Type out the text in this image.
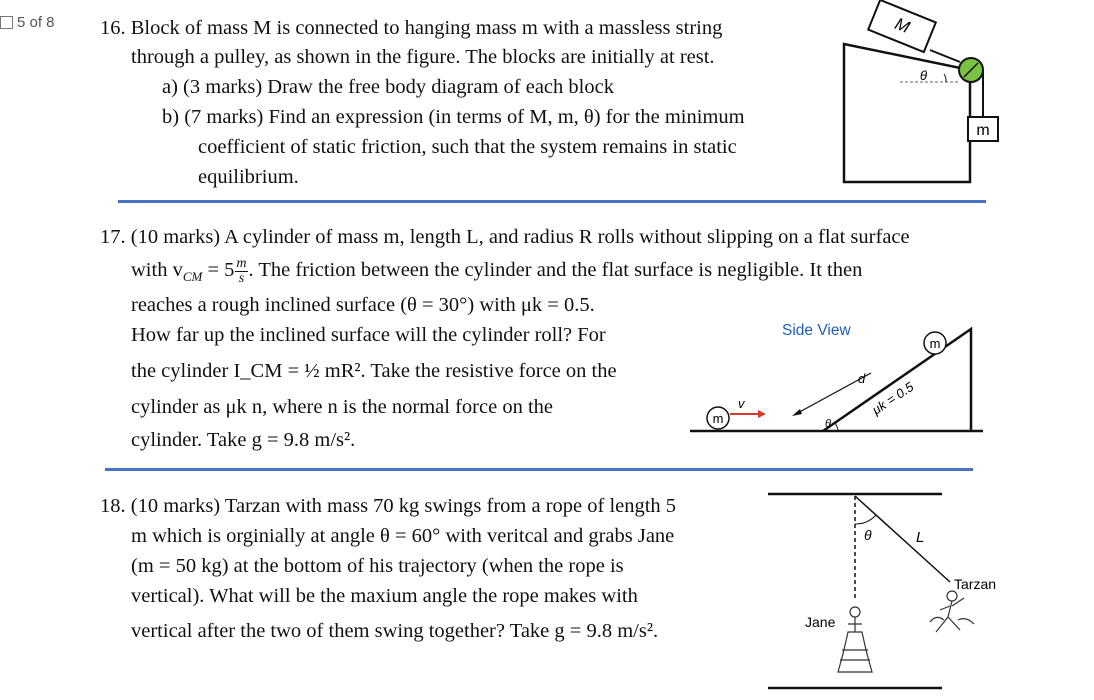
5 of 8 16. Block of mass M is connected to hanging mass m with a massless string
through a pulley, as shown in the figure. The blocks are initially at rest.
a) (3 marks) Draw the free body diagram of each block
b) (7 marks) Find an expression (in terms of M, m, θ) for the minimum
coefficient of static friction, such that the system remains in static
equilibrium.
M
θ
m
17. (10 marks) A cylinder of mass m, length L, and radius R rolls without slipping on a flat surface
with $v_{CM} = 5 \frac{m}{s}$ . The friction between the cylinder and the flat surface is negligible. It then
reaches a rough inclined surface (θ = 30°) with μk = 0.5.
How far up the inclined surface will the cylinder roll? For
the cylinder I_CM = ½ mR². Take the resistive force on the
cylinder as μk n, where n is the normal force on the
cylinder. Take g = 9.8 m/s².
Side View
m
v
m
d
θ
μk = 0.5
18. (10 marks) Tarzan with mass 70 kg swings from a rope of length 5
m which is orginially at angle θ = 60° with veritcal and grabs Jane
(m = 50 kg) at the bottom of his trajectory (when the rope is
vertical). What will be the maxium angle the rope makes with
vertical after the two of them swing together? Take g = 9.8 m/s².
θ	L
Tarzan
Jane
